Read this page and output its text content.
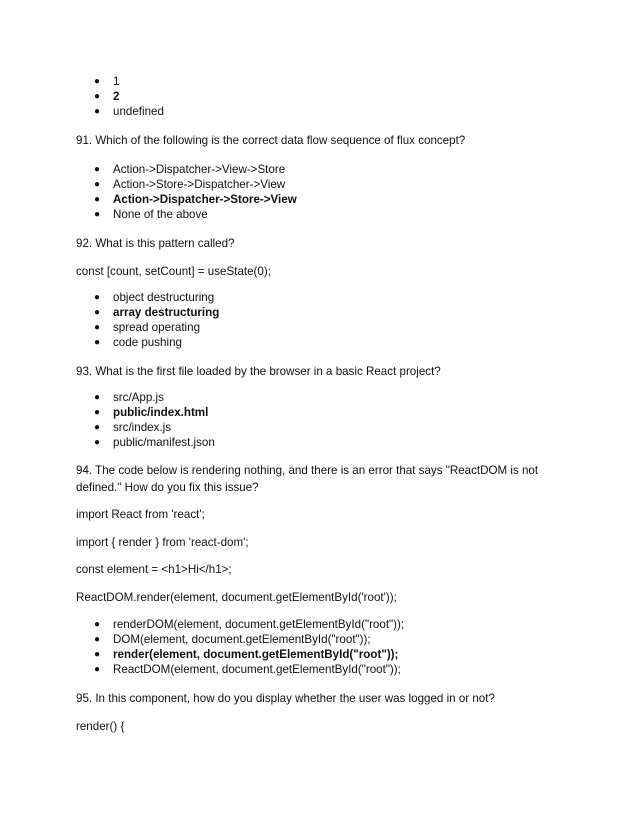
● 1
● 2
● undefined
91. Which of the following is the correct data flow sequence of flux concept?
● Action->Dispatcher->View->Store
● Action->Store->Dispatcher->View
● Action->Dispatcher->Store->View
● None of the above
92. What is this pattern called?
const [count, setCount] = useState(0);
● object destructuring
● array destructuring
● spread operating
● code pushing
93. What is the first file loaded by the browser in a basic React project?
● src/App.js
● public/index.html
● src/index.js
● public/manifest.json
94. The code below is rendering nothing, and there is an error that says "ReactDOM is not
defined." How do you fix this issue?
import React from 'react';
import { render } from 'react-dom';
const element = <h1>Hi</h1>;
ReactDOM.render(element, document.getElementById('root'));
● renderDOM(element, document.getElementById("root"));
● DOM(element, document.getElementById("root"));
● render(element, document.getElementById("root"));
● ReactDOM(element, document.getElementById("root"));
95. In this component, how do you display whether the user was logged in or not?
render() {
